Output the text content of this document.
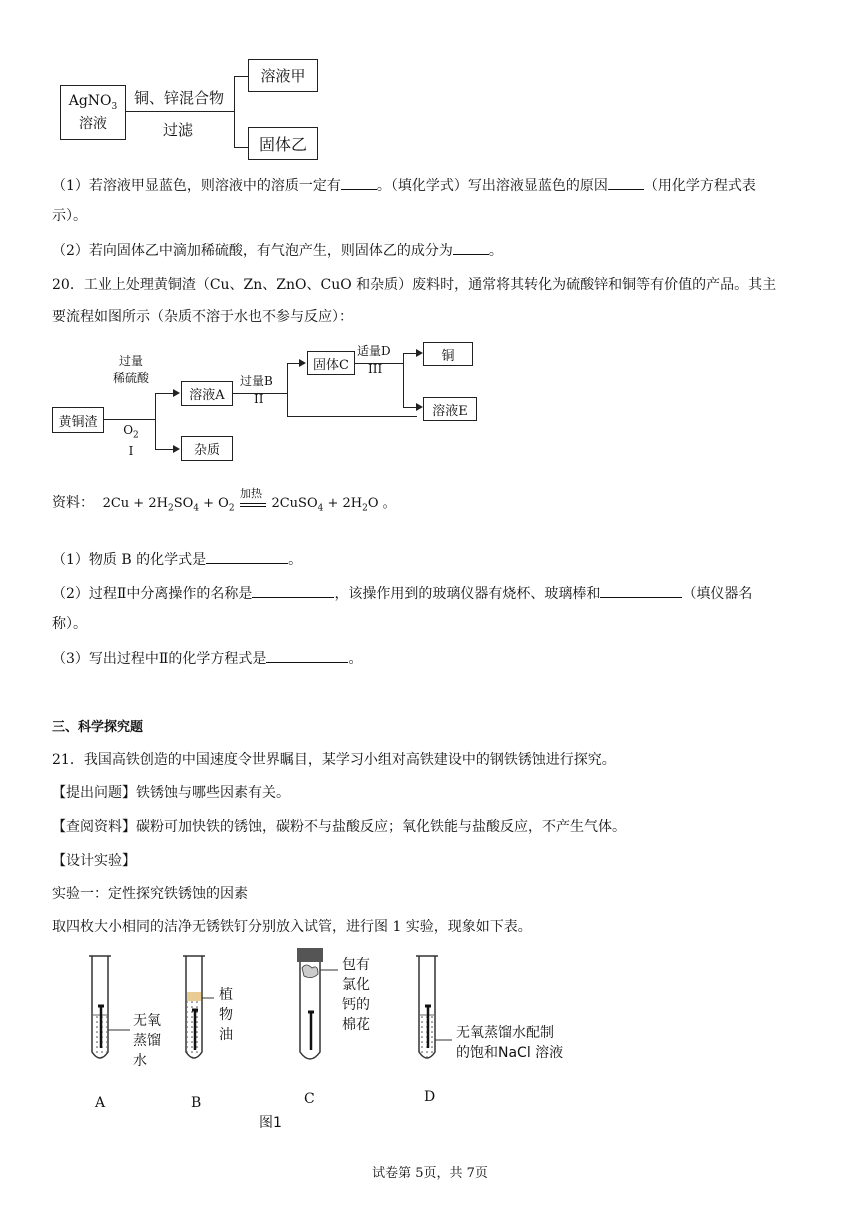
AgNO$_3$
溶液
铜、锌混合物
过滤
溶液甲
固体乙
（1）若溶液甲显蓝色，则溶液中的溶质一定有	。（填化学式）写出溶液显蓝色的原因	（用化学方程式表
示）。
（2）若向固体乙中滴加稀硫酸，有气泡产生，则固体乙的成分为	。
20．工业上处理黄铜渣（Cu、Zn、ZnO、CuO 和杂质）废料时，通常将其转化为硫酸锌和铜等有价值的产品。其主
要流程如图所示（杂质不溶于水也不参与反应）：
黄铜渣
过量
稀硫酸
$O_2$
I
溶液A
杂质
过量B
II
固体C
适量D
III
铜
溶液E
资料：  $2Cu + 2H_2SO_4 + O_2$
加热
2CuSO$_4$ + $2H_2O$ 。
（1）物质 B 的化学式是	。
（2）过程Ⅱ中分离操作的名称是	，该操作用到的玻璃仪器有烧杯、玻璃棒和	（填仪器名
称）。
（3）写出过程中Ⅱ的化学方程式是	。
三、科学探究题
21．我国高铁创造的中国速度令世界瞩目，某学习小组对高铁建设中的钢铁锈蚀进行探究。
【提出问题】铁锈蚀与哪些因素有关。
【查阅资料】碳粉可加快铁的锈蚀，碳粉不与盐酸反应；氧化铁能与盐酸反应，不产生气体。
【设计实验】
实验一：定性探究铁锈蚀的因素
取四枚大小相同的洁净无锈铁钉分别放入试管，进行图 1 实验，现象如下表。
无氧
蒸馏
水
植
物
油
包有
氯化
钙的
棉花	无氧蒸馏水配制
的饱和NaCl 溶液
A	B	C	D
图1
试卷第 5页，共 7页
